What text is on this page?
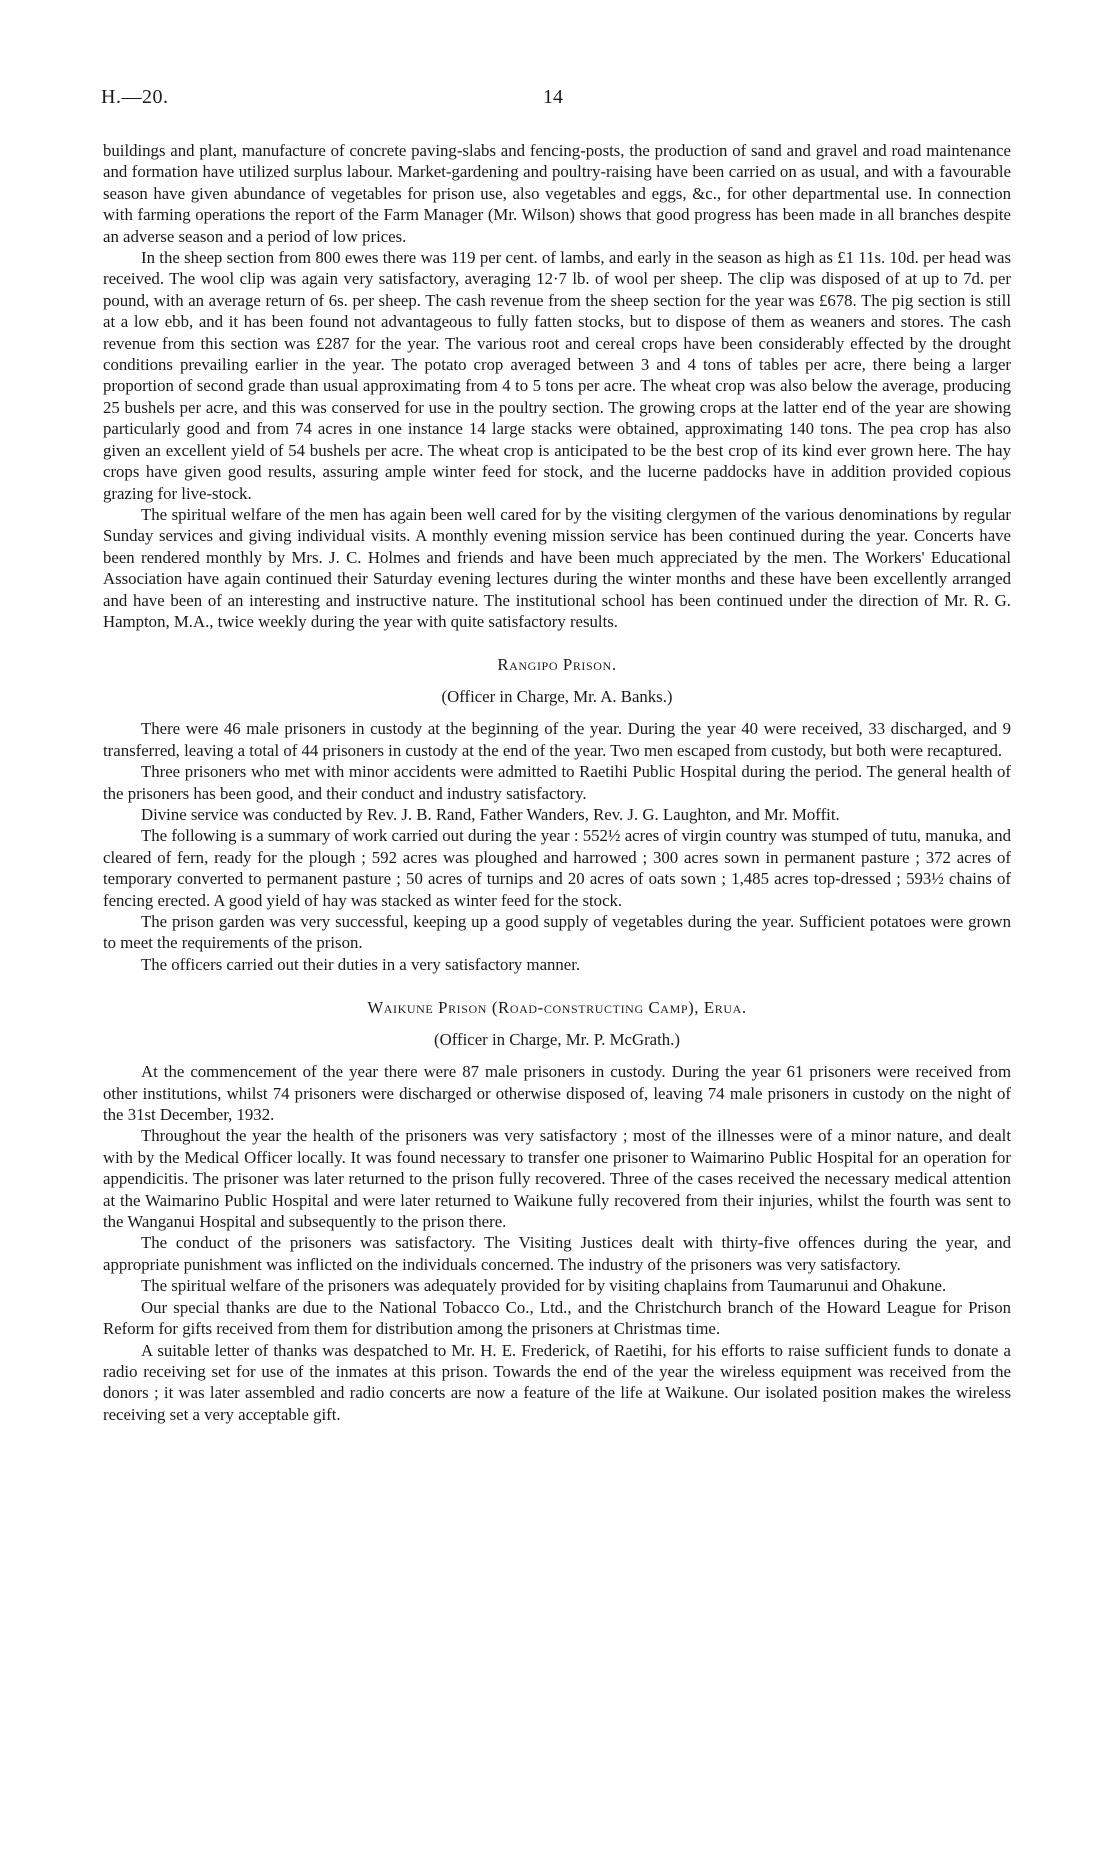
H.—20.	14

buildings and plant, manufacture of concrete paving-slabs and fencing-posts, the production of sand and gravel and road maintenance and formation have utilized surplus labour. Market-gardening and poultry-raising have been carried on as usual, and with a favourable season have given abundance of vegetables for prison use, also vegetables and eggs, &c., for other departmental use. In connection with farming operations the report of the Farm Manager (Mr. Wilson) shows that good progress has been made in all branches despite an adverse season and a period of low prices.

In the sheep section from 800 ewes there was 119 per cent. of lambs, and early in the season as high as £1 11s. 10d. per head was received. The wool clip was again very satisfactory, averaging 12·7 lb. of wool per sheep. The clip was disposed of at up to 7d. per pound, with an average return of 6s. per sheep. The cash revenue from the sheep section for the year was £678. The pig section is still at a low ebb, and it has been found not advantageous to fully fatten stocks, but to dispose of them as weaners and stores. The cash revenue from this section was £287 for the year. The various root and cereal crops have been considerably effected by the drought conditions prevailing earlier in the year. The potato crop averaged between 3 and 4 tons of tables per acre, there being a larger proportion of second grade than usual approximating from 4 to 5 tons per acre. The wheat crop was also below the average, producing 25 bushels per acre, and this was conserved for use in the poultry section. The growing crops at the latter end of the year are showing particularly good and from 74 acres in one instance 14 large stacks were obtained, approximating 140 tons. The pea crop has also given an excellent yield of 54 bushels per acre. The wheat crop is anticipated to be the best crop of its kind ever grown here. The hay crops have given good results, assuring ample winter feed for stock, and the lucerne paddocks have in addition provided copious grazing for live-stock.

The spiritual welfare of the men has again been well cared for by the visiting clergymen of the various denominations by regular Sunday services and giving individual visits. A monthly evening mission service has been continued during the year. Concerts have been rendered monthly by Mrs. J. C. Holmes and friends and have been much appreciated by the men. The Workers' Educational Association have again continued their Saturday evening lectures during the winter months and these have been excellently arranged and have been of an interesting and instructive nature. The institutional school has been continued under the direction of Mr. R. G. Hampton, M.A., twice weekly during the year with quite satisfactory results.

Rangipo Prison.
(Officer in Charge, Mr. A. Banks.)

There were 46 male prisoners in custody at the beginning of the year. During the year 40 were received, 33 discharged, and 9 transferred, leaving a total of 44 prisoners in custody at the end of the year. Two men escaped from custody, but both were recaptured.

Three prisoners who met with minor accidents were admitted to Raetihi Public Hospital during the period. The general health of the prisoners has been good, and their conduct and industry satisfactory.

Divine service was conducted by Rev. J. B. Rand, Father Wanders, Rev. J. G. Laughton, and Mr. Moffit.

The following is a summary of work carried out during the year : 552½ acres of virgin country was stumped of tutu, manuka, and cleared of fern, ready for the plough ; 592 acres was ploughed and harrowed ; 300 acres sown in permanent pasture ; 372 acres of temporary converted to permanent pasture ; 50 acres of turnips and 20 acres of oats sown ; 1,485 acres top-dressed ; 593½ chains of fencing erected. A good yield of hay was stacked as winter feed for the stock.

The prison garden was very successful, keeping up a good supply of vegetables during the year. Sufficient potatoes were grown to meet the requirements of the prison.

The officers carried out their duties in a very satisfactory manner.

Waikune Prison (Road-constructing Camp), Erua.
(Officer in Charge, Mr. P. McGrath.)

At the commencement of the year there were 87 male prisoners in custody. During the year 61 prisoners were received from other institutions, whilst 74 prisoners were discharged or otherwise disposed of, leaving 74 male prisoners in custody on the night of the 31st December, 1932.

Throughout the year the health of the prisoners was very satisfactory ; most of the illnesses were of a minor nature, and dealt with by the Medical Officer locally. It was found necessary to transfer one prisoner to Waimarino Public Hospital for an operation for appendicitis. The prisoner was later returned to the prison fully recovered. Three of the cases received the necessary medical attention at the Waimarino Public Hospital and were later returned to Waikune fully recovered from their injuries, whilst the fourth was sent to the Wanganui Hospital and subsequently to the prison there.

The conduct of the prisoners was satisfactory. The Visiting Justices dealt with thirty-five offences during the year, and appropriate punishment was inflicted on the individuals concerned. The industry of the prisoners was very satisfactory.

The spiritual welfare of the prisoners was adequately provided for by visiting chaplains from Taumarunui and Ohakune.

Our special thanks are due to the National Tobacco Co., Ltd., and the Christchurch branch of the Howard League for Prison Reform for gifts received from them for distribution among the prisoners at Christmas time.

A suitable letter of thanks was despatched to Mr. H. E. Frederick, of Raetihi, for his efforts to raise sufficient funds to donate a radio receiving set for use of the inmates at this prison. Towards the end of the year the wireless equipment was received from the donors ; it was later assembled and radio concerts are now a feature of the life at Waikune. Our isolated position makes the wireless receiving set a very acceptable gift.
